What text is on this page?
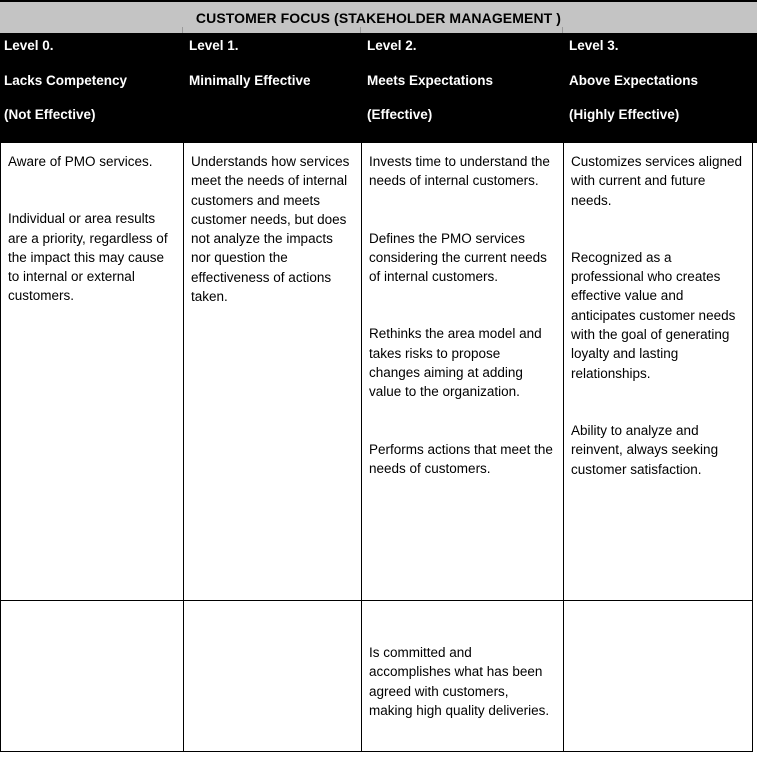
CUSTOMER FOCUS (STAKEHOLDER MANAGEMENT )
Level 0.
Lacks Competency
(Not Effective)
Level 1.
Minimally Effective
Level 2.
Meets Expectations
(Effective)
Level 3.
Above Expectations
(Highly Effective)

Aware of PMO services.

Individual or area results are a priority, regardless of the impact this may cause to internal or external customers.

Understands how services meet the needs of internal customers and meets customer needs, but does not analyze the impacts nor question the effectiveness of actions taken.

Invests time to understand the needs of internal customers.

Defines the PMO services considering the current needs of internal customers.

Rethinks the area model and takes risks to propose changes aiming at adding value to the organization.

Performs actions that meet the needs of customers.

Customizes services aligned with current and future needs.

Recognized as a professional who creates effective value and anticipates customer needs with the goal of generating loyalty and lasting relationships.

Ability to analyze and reinvent, always seeking customer satisfaction.

Is committed and accomplishes what has been agreed with customers, making high quality deliveries.
